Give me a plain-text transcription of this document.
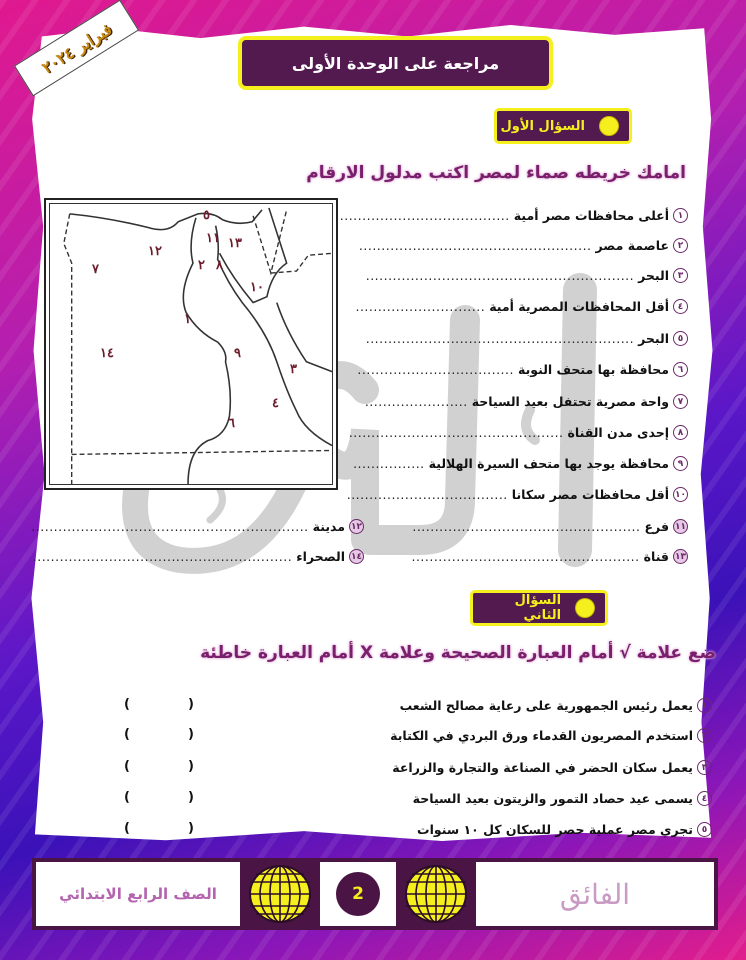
فبراير ٢٠٢٤
مراجعة على الوحدة الأولى
السؤال الأول
امامك خريطه صماء لمصر اكتب مدلول الارقام
٥
١١ ١٣
١٢
٧	٢ ٨
١٠
١
١٤	٩
٣
٤
٦
١
أعلى محافظات مصر أمية
......................................
٢
عاصمة مصر
....................................................
٣
البحر
............................................................
٤
أقل المحافظات المصرية أمية
.............................
٥
البحر
............................................................
٦
محافظة بها متحف النوبة
...................................
٧
واحة مصرية تحتفل بعيد السياحة
.......................
٨
إحدى مدن القناة
................................................
٩
محافظة يوجد بها متحف السيرة الهلالية
................
١٠
أقل محافظات مصر سكانا
....................................
١١
فرع
...................................................
١٢
مدينة
..............................................................
١٣
قناة
...................................................
١٤
الصحراء
..........................................................
السؤال الثاني
ضع علامة √ أمام العبارة الصحيحة وعلامة X أمام العبارة خاطئة
١
يعمل رئيس الجمهورية على رعاية مصالح الشعب
(    )
٢
استخدم المصريون القدماء ورق البردي في الكتابة
(    )
٣
يعمل سكان الحضر في الصناعة والتجارة والزراعة
(    )
٤
يسمى عيد حصاد التمور والزيتون بعيد السياحة
(    )
٥
تجري مصر عملية حصر للسكان كل ١٠ سنوات
(    )
الصف الرابع الابتدائي	2	الفائق
